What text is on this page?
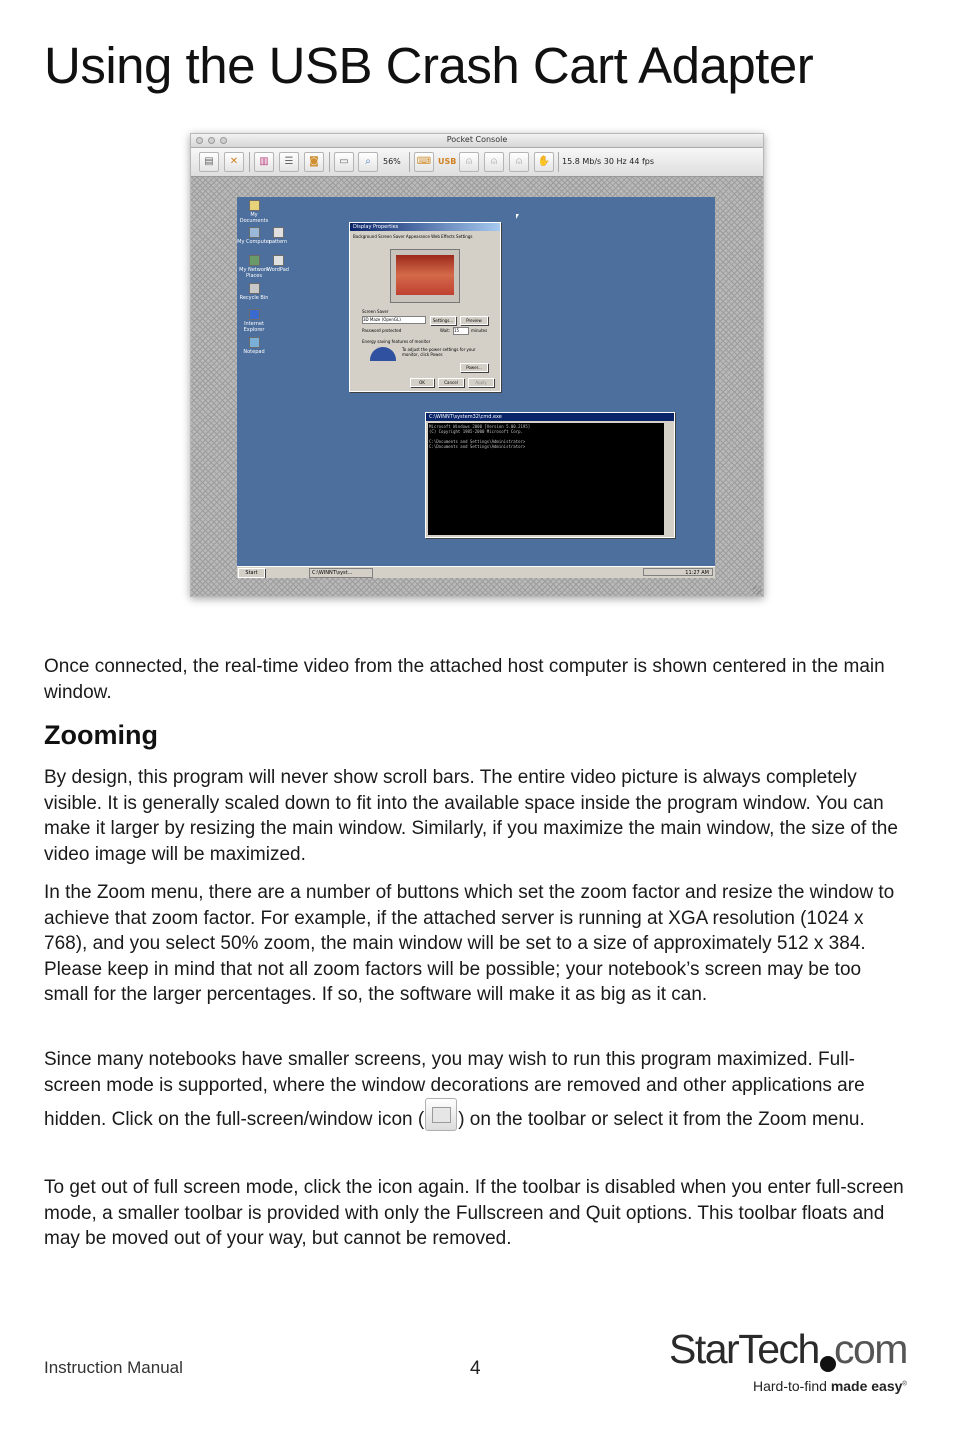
Using the USB Crash Cart Adapter
Pocket Console
▤	✕	▥	☰	◙	▭	⌕	56% ⌨ USB ⍝	⍝	⍝	✋	15.8 Mb/s 30 Hz 44 fps
My Documents
My Computer
My Network Places
Recycle Bin
Internet Explorer
Notepad
pattern
WordPad
Display Properties
Background Screen Saver Appearance Web Effects Settings
Screen Saver
3D Maze (OpenGL)	Settings...	Preview
Password protected	Wait: 15	minutes
Energy saving features of monitor
To adjust the power settings for your monitor, click Power.
Power...
OK	Cancel	Apply
C:\WINNT\system32\cmd.exe
Microsoft Windows 2000 [Version 5.00.2195]
(C) Copyright 1985-2000 Microsoft Corp.

C:\Documents and Settings\Administrator>
C:\Documents and Settings\Administrator>
Start	C:\WINNT\syst...	11:27 AM

Once connected, the real-time video from the attached host computer is shown centered in the main window.

Zooming

By design, this program will never show scroll bars. The entire video picture is always completely visible. It is generally scaled down to fit into the available space inside the program window. You can make it larger by resizing the main window. Similarly, if you maximize the main window, the size of the video image will be maximized.

In the Zoom menu, there are a number of buttons which set the zoom factor and resize the window to achieve that zoom factor. For example, if the attached server is running at XGA resolution (1024 x 768), and you select 50% zoom, the main window will be set to a size of approximately 512 x 384. Please keep in mind that not all zoom factors will be possible; your notebook’s screen may be too small for the larger percentages. If so, the software will make it as big as it can.

Since many notebooks have smaller screens, you may wish to run this program maximized. Full-screen mode is supported, where the window decorations are removed and other applications are hidden. Click on the full-screen/window icon ( ) on the toolbar or select it from the Zoom menu.

To get out of full screen mode, click the icon again. If the toolbar is disabled when you enter full-screen mode, a smaller toolbar is provided with only the Fullscreen and Quit options. This toolbar floats and may be moved out of your way, but cannot be removed.

Instruction Manual	4	StarTech com
Hard-to-find made easy®
